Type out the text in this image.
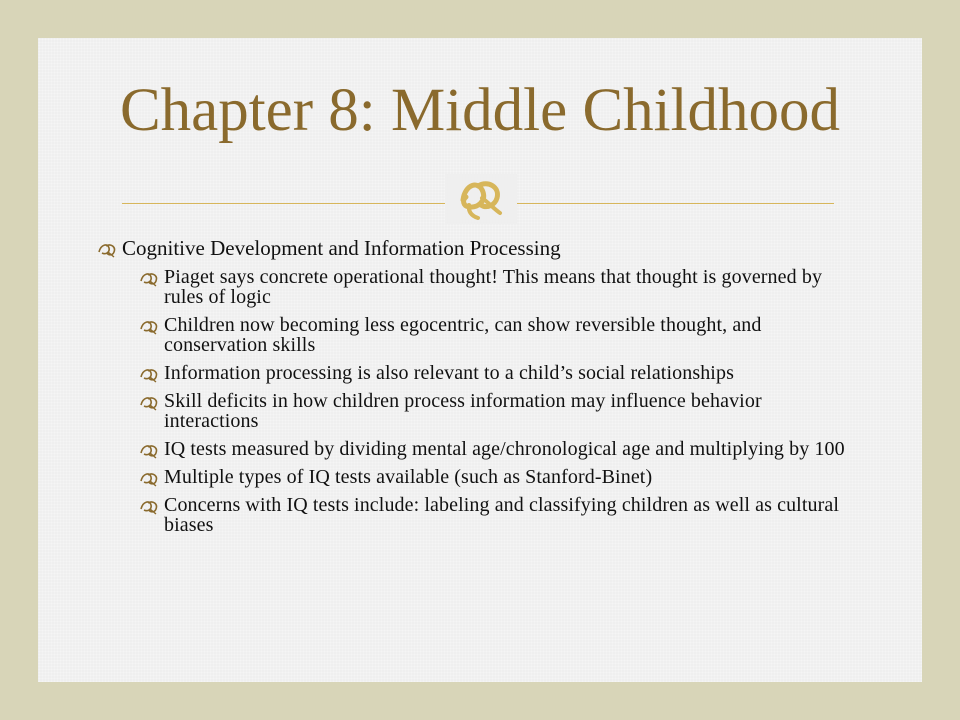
Chapter 8: Middle Childhood
Cognitive Development and Information Processing
Piaget says concrete operational thought! This means that thought is governed by rules of logic
Children now becoming less egocentric, can show reversible thought, and conservation skills
Information processing is also relevant to a child’s social relationships
Skill deficits in how children process information may influence behavior interactions
IQ tests measured by dividing mental age/chronological age and multiplying by 100
Multiple types of IQ tests available (such as Stanford-Binet)
Concerns with IQ tests include: labeling and classifying children as well as cultural biases
